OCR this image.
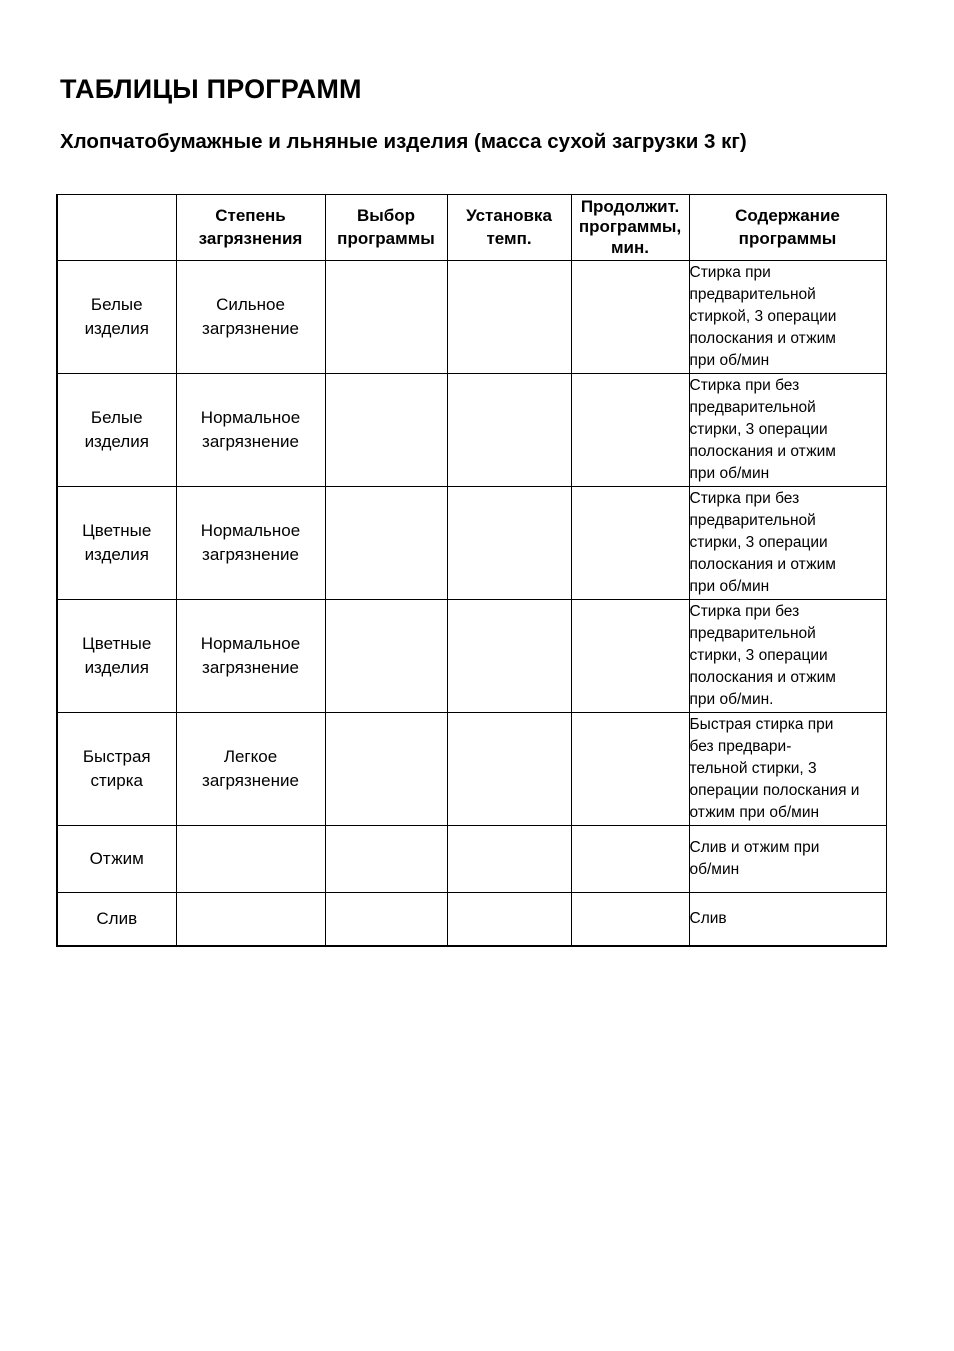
ТАБЛИЦЫ ПРОГРАММ
Хлопчатобумажные и льняные изделия (масса сухой загрузки 3 кг)
	Степень загрязнения	Выбор программы	Установка темп.	Продолжит. программы, мин.	Содержание программы
Белые изделия	Сильное загрязнение				Стирка при
предварительной
стиркой, 3 операции
полоскания и отжим
при об/мин
Белые изделия	Нормальное загрязнение				Стирка при без
предварительной
стирки, 3 операции
полоскания и отжим
при об/мин
Цветные изделия	Нормальное загрязнение				Стирка при без
предварительной
стирки, 3 операции
полоскания и отжим
при об/мин
Цветные изделия	Нормальное загрязнение				Стирка при без
предварительной
стирки, 3 операции
полоскания и отжим
при об/мин.
Быстрая стирка	Легкое загрязнение				Быстрая стирка при
без предвари-
тельной стирки, 3
операции полоскания и
отжим при об/мин
Отжим					Слив и отжим при
об/мин
Слив					Слив
